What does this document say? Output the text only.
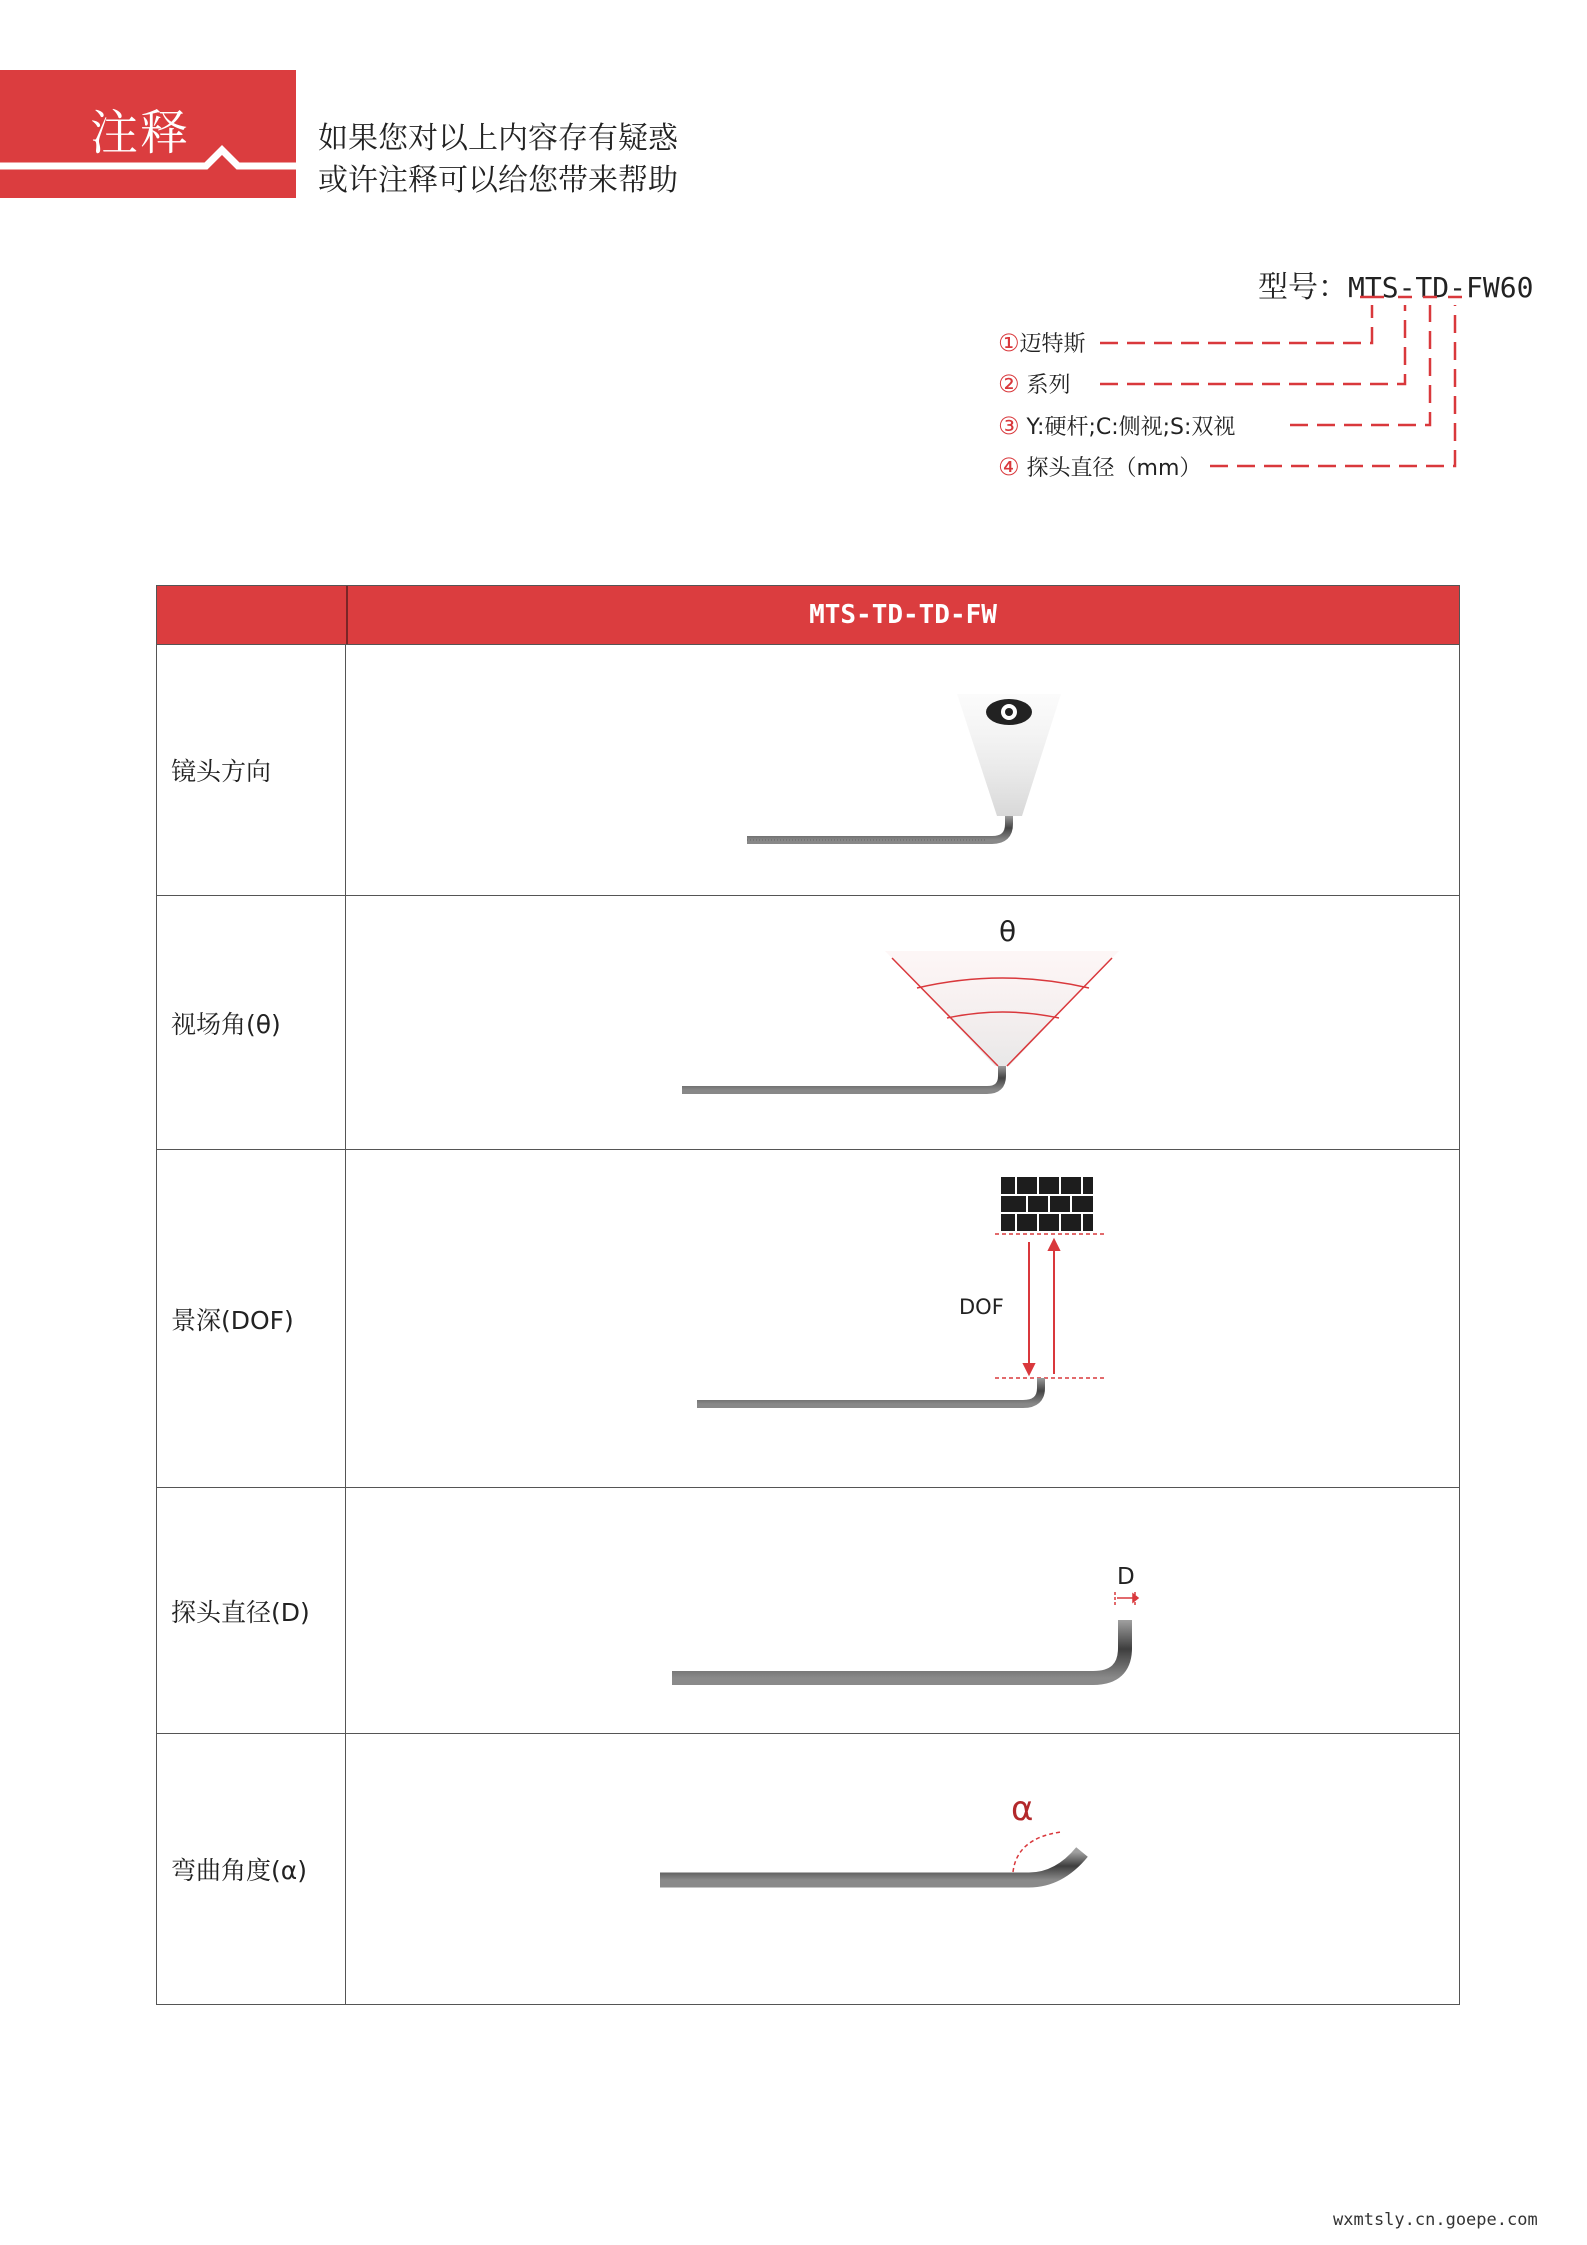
注释	如果您对以上内容存有疑惑
或许注释可以给您带来帮助
型号：MTS-TD-FW60
①迈特斯
② 系列
③ Y:硬杆;C:侧视;S:双视
④ 探头直径（mm）
MTS-TD-TD-FW
镜头方向
视场角(θ)
θ
景深(DOF)	DOF
探头直径(D)
D
弯曲角度(α)
α
wxmtsly.cn.goepe.com
